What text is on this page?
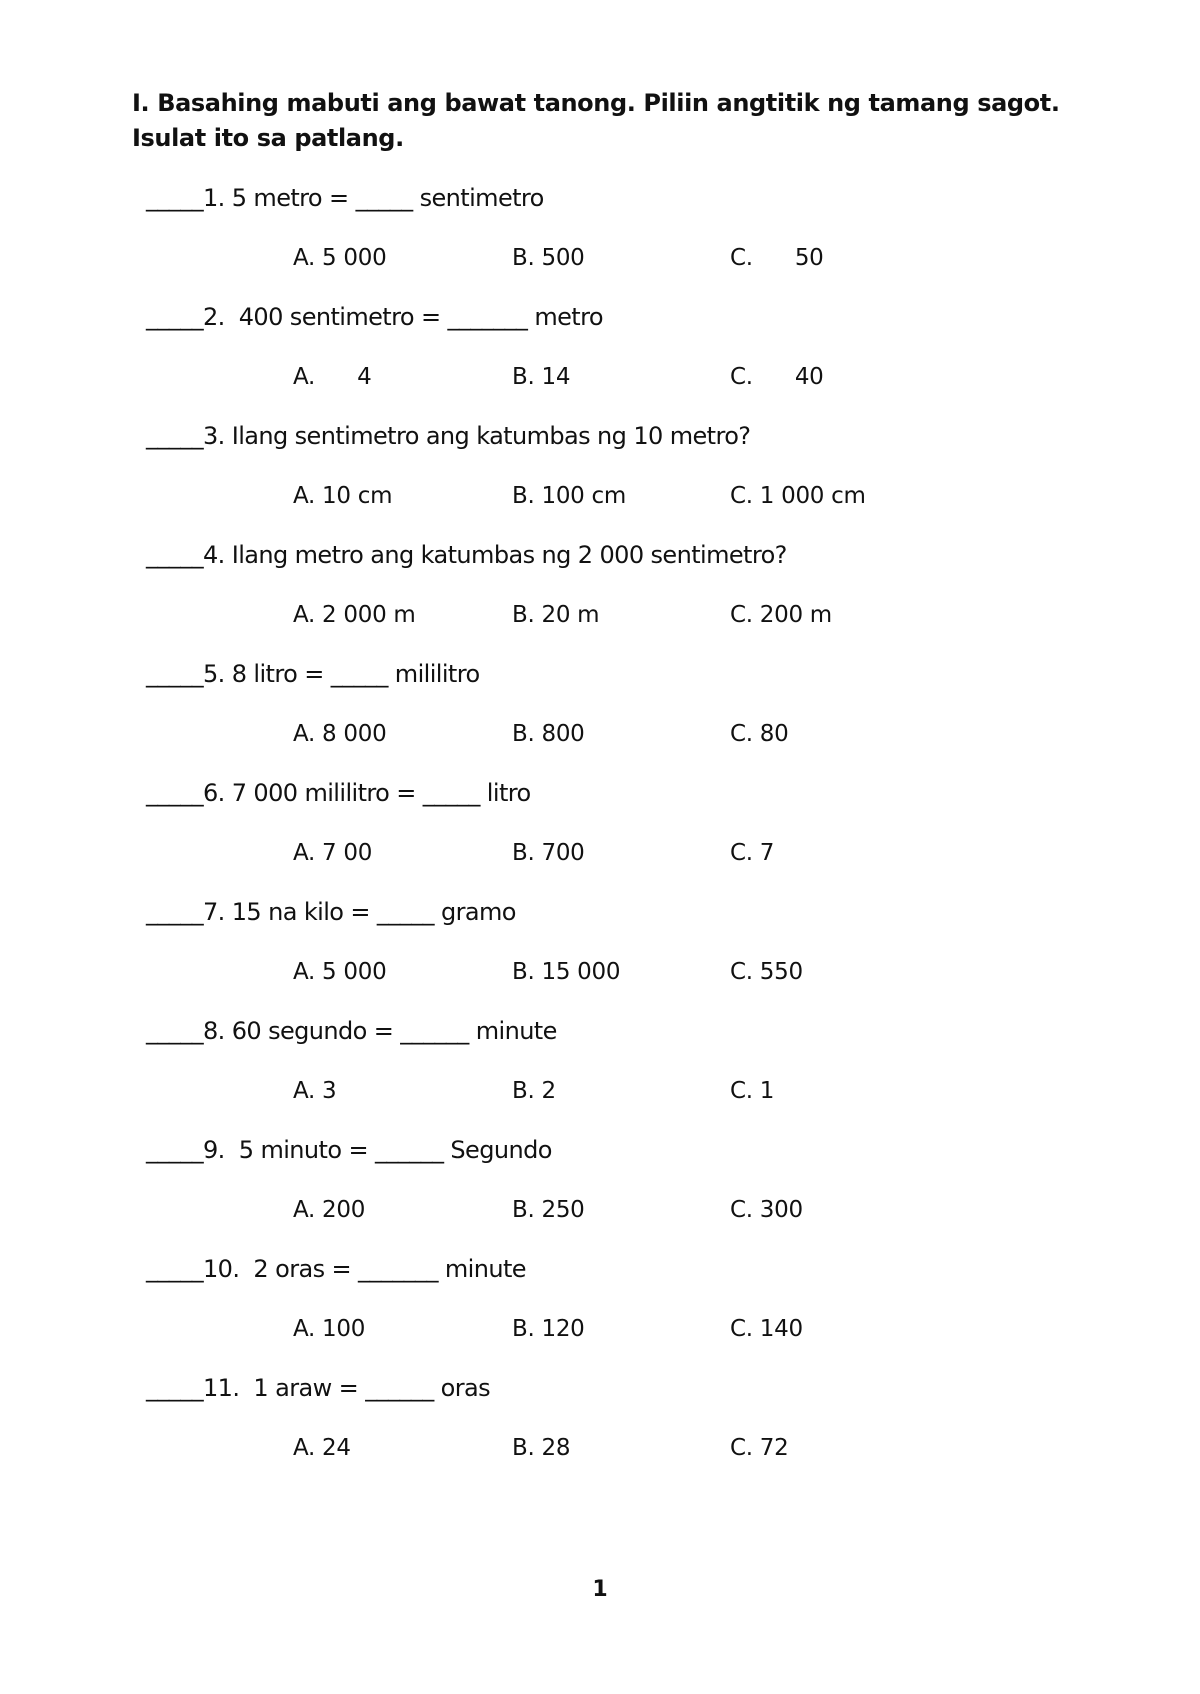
I. Basahing mabuti ang bawat tanong. Piliin angtitik ng tamang sagot. Isulat ito sa patlang.
_____1. 5 metro = _____ sentimetro
A. 5 000	B. 500	C.      50
_____2.  400 sentimetro = _______ metro
A.      4	B. 14	C.      40
_____3. Ilang sentimetro ang katumbas ng 10 metro?
A. 10 cm	B. 100 cm	C. 1 000 cm
_____4. Ilang metro ang katumbas ng 2 000 sentimetro?
A. 2 000 m	B. 20 m	C. 200 m
_____5. 8 litro = _____ mililitro
A. 8 000	B. 800	C. 80
_____6. 7 000 mililitro = _____ litro
A. 7 00	B. 700	C. 7
_____7. 15 na kilo = _____ gramo
A. 5 000	B. 15 000	C. 550
_____8. 60 segundo = ______ minute
A. 3	B. 2	C. 1
_____9.  5 minuto = ______ Segundo
A. 200	B. 250	C. 300
_____10.  2 oras = _______ minute
A. 100	B. 120	C. 140
_____11.  1 araw = ______ oras
A. 24	B. 28	C. 72
1
